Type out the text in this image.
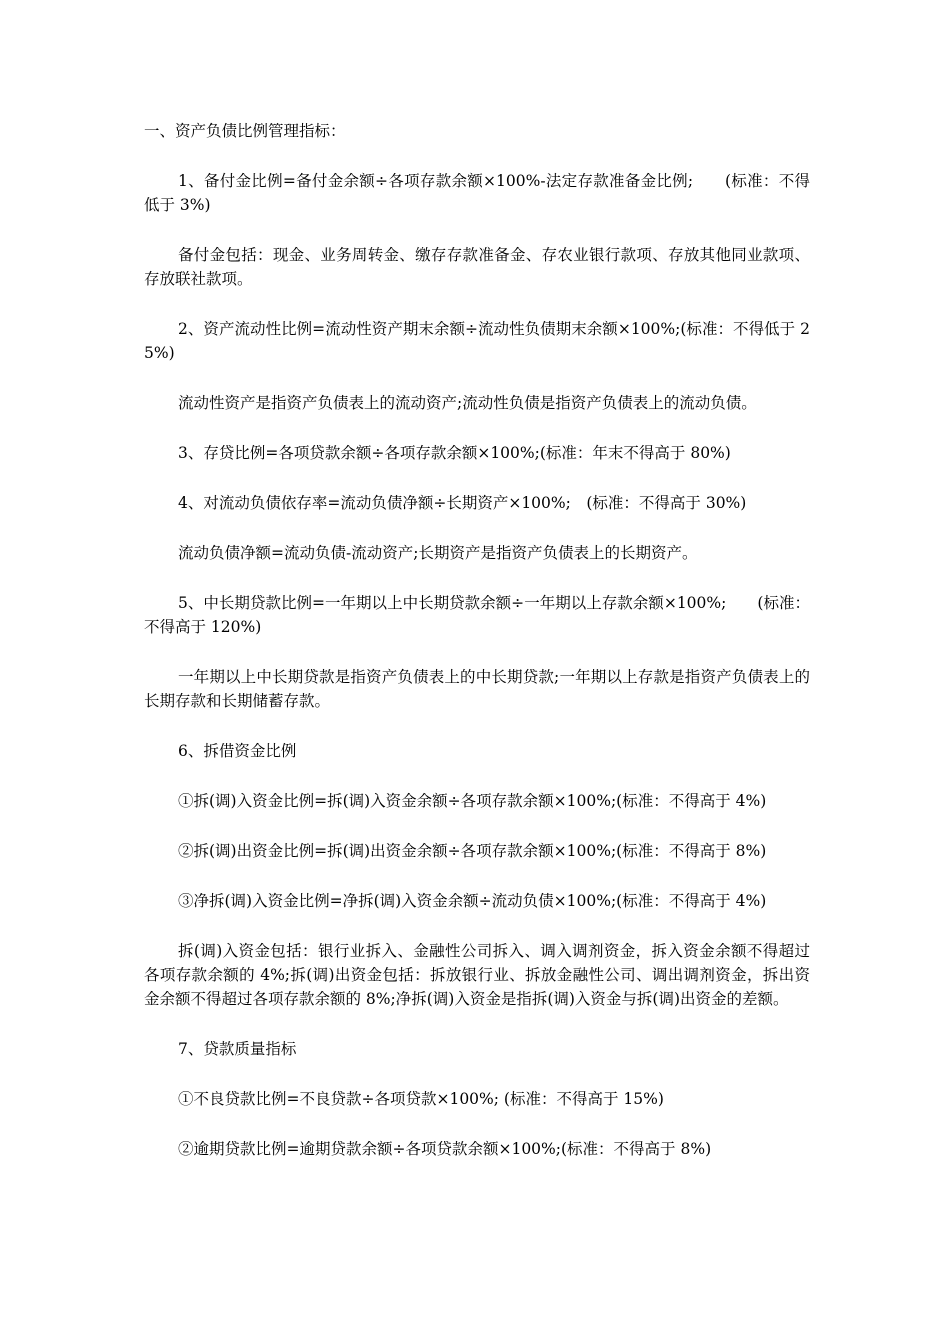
一、资产负债比例管理指标：
1、备付金比例=备付金余额÷各项存款余额×100%-法定存款准备金比例;　　(标准：不得低于 3%)
备付金包括：现金、业务周转金、缴存存款准备金、存农业银行款项、存放其他同业款项、存放联社款项。
2、资产流动性比例=流动性资产期末余额÷流动性负债期末余额×100%;(标准：不得低于 25%)
流动性资产是指资产负债表上的流动资产;流动性负债是指资产负债表上的流动负债。
3、存贷比例=各项贷款余额÷各项存款余额×100%;(标准：年末不得高于 80%)
4、对流动负债依存率=流动负债净额÷长期资产×100%;　(标准：不得高于 30%)
流动负债净额=流动负债-流动资产;长期资产是指资产负债表上的长期资产。
5、中长期贷款比例=一年期以上中长期贷款余额÷一年期以上存款余额×100%;　　(标准：不得高于 120%)
一年期以上中长期贷款是指资产负债表上的中长期贷款;一年期以上存款是指资产负债表上的长期存款和长期储蓄存款。
6、拆借资金比例
①拆(调)入资金比例=拆(调)入资金余额÷各项存款余额×100%;(标准：不得高于 4%)
②拆(调)出资金比例=拆(调)出资金余额÷各项存款余额×100%;(标准：不得高于 8%)
③净拆(调)入资金比例=净拆(调)入资金余额÷流动负债×100%;(标准：不得高于 4%)
拆(调)入资金包括：银行业拆入、金融性公司拆入、调入调剂资金，拆入资金余额不得超过各项存款余额的 4%;拆(调)出资金包括：拆放银行业、拆放金融性公司、调出调剂资金，拆出资金余额不得超过各项存款余额的 8%;净拆(调)入资金是指拆(调)入资金与拆(调)出资金的差额。
7、贷款质量指标
①不良贷款比例=不良贷款÷各项贷款×100%; (标准：不得高于 15%)
②逾期贷款比例=逾期贷款余额÷各项贷款余额×100%;(标准：不得高于 8%)
